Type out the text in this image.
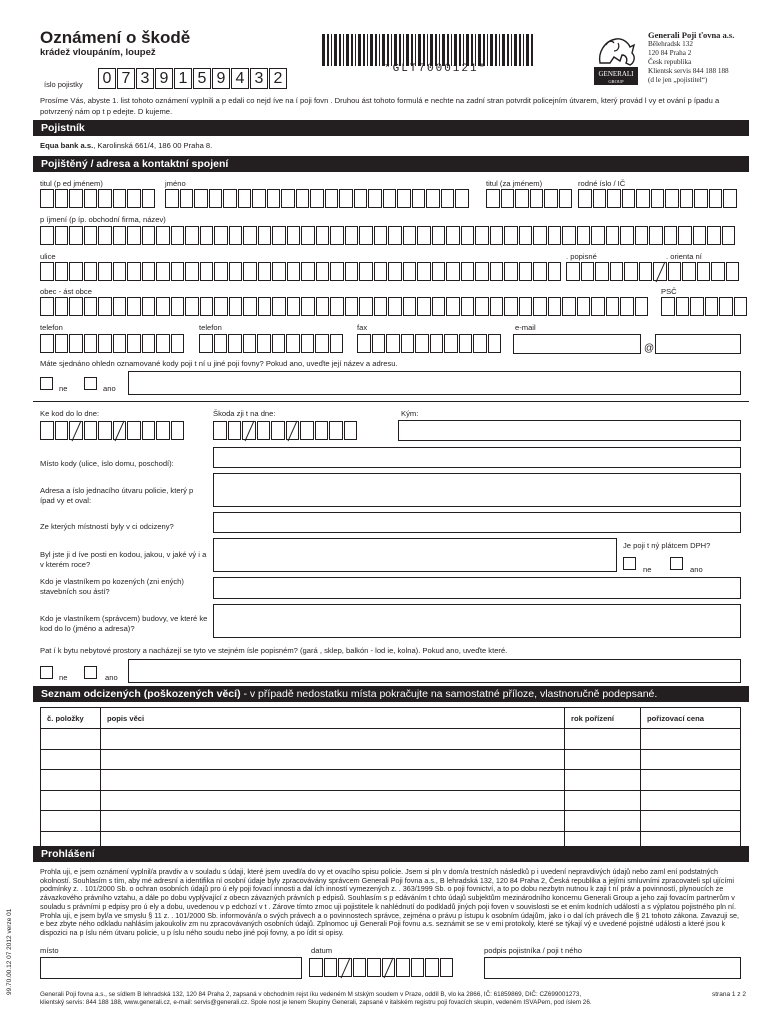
Oznámení o škodě
krádež vloupáním, loupež
*GLT7000121*	GENERALI
GROUP
Generali Poji ťovna a.s.
Bělehradsk 132
120 84 Praha 2
Česk republika
Klientsk servis 844 188 188
(d le jen „pojistitel“)
íslo pojistky 0 7 3 9 1 5 9 4 3 2
Prosíme Vás, abyste 1. list tohoto oznámení vyplnili a p edali co nejd íve na í poji fovn . Druhou ást tohoto formulá e nechte na zadní stran potvrdit policejním útvarem, který provád l vy et ování p ípadu a potvrzený nám op t p edejte. D kujeme.
Pojistník
Equa bank a.s., Karolinská 661/4, 186 00 Praha 8.
Pojištěný / adresa a kontaktní spojení
titul (p ed jménem)	jméno	titul (za jménem)	rodné íslo / IČ
p íjmení (p íp. obchodní firma, název)
ulice	. popisné	. orienta ní
obec - ást obce	PSČ
telefon	telefon	fax	e-mail
@
Máte sjednáno ohledn oznamované kody poji t ní u jiné poji fovny? Pokud ano, uveďte její název a adresu.
ne	ano
Ke kod do lo dne:	Škoda zji t na dne:	Kým:
Místo kody (ulice, íslo domu, poschodí):
Adresa a íslo jednacího útvaru policie, který p ípad vy et oval:
Ze kterých místností byly v ci odcizeny?
Byl jste ji d íve posti en kodou, jakou, v jaké vý i a v kterém roce?
Je poji t ný plátcem DPH?
ne	ano
Kdo je vlastníkem po kozených (zni ených) stavebních sou ástí?
Kdo je vlastníkem (správcem) budovy, ve které ke kod do lo (jméno a adresa)?
Pat í k bytu nebytové prostory a nacházejí se tyto ve stejném ísle popisném? (gará , sklep, balkón - lod ie, kolna). Pokud ano, uveďte které.
ne	ano
Seznam odcizených (poškozených věcí) - v případě nedostatku místa pokračujte na samostatné příloze, vlastnoručně podepsané.
č. položky	popis věci	rok pořízení	pořizovací cena

Prohlášení
Prohla uji, e jsem oznámení vyplnil/a pravdiv a v souladu s údaji, které jsem uvedl/a do vy et ovacího spisu policie. Jsem si pln v dom/a trestních následků p i uvedení nepravdivých údajů nebo zaml ení podstatných okolností. Souhlasím s tím, aby mé adresní a identifika ní osobní údaje byly zpracovávány správcem Generali Poji fovna a.s., B lehradská 132, 120 84 Praha 2, Česká republika a jejími smluvními zpracovateli spl ujícími podmínky z. . 101/2000 Sb. o ochran osobních údajů pro ú ely poji fovací innosti a dal ích inností vymezených z. . 363/1999 Sb. o poji fovnictví, a to po dobu nezbytn nutnou k zaji t ní práv a povinností, plynoucích ze závazkového právního vztahu, a dále po dobu vyplývající z obecn závazných právních p edpisů. Souhlasím s p edáváním t chto údajů subjektům mezinárodního koncernu Generali Group a jeho zaji fovacím partnerům v souladu s právními p edpisy pro ú ely a dobu, uvedenou v p edchozí v t . Zárove tímto zmoc uji pojistitele k nahlédnutí do podkladů jiných poji foven v souvislosti se et ením kodních událostí a s výplatou pojistného pln ní. Prohla uji, e jsem byl/a ve smyslu § 11 z. . 101/2000 Sb. informován/a o svých právech a o povinnostech správce, zejména o právu p ístupu k osobním údajům, jako i o dal ích právech dle § 21 tohoto zákona. Zavazuji se, e bez zbyte ného odkladu nahlásím jakoukoliv zm nu zpracovávaných osobních údajů. Zplnomoc uji Generali Poji fovnu a.s. seznámit se se v emi protokoly, které se týkají vý e uvedené pojistné události a které jsou k dispozici na p íslu ném útvaru policie, u p íslu ného soudu nebo jiné poji fovny, a po ídit si opisy.
místo	datum	podpis pojistníka / poji t ného
99.70.00.12 07 2012 verze 01	Generali Poji fovna a.s., se sídlem B lehradská 132, 120 84 Praha 2, zapsaná v obchodním rejst íku vedeném M stským soudem v Praze, oddíl B, vlo ka 2866, IČ: 61859869, DIČ: CZ699001273,
klientský servis: 844 188 188, www.generali.cz, e-mail: servis@generali.cz. Spole nost je lenem Skupiny Generali, zapsané v italském registru poji fovacích skupin, vedeném ISVAPem, pod íslem 26.
strana 1 z 2
